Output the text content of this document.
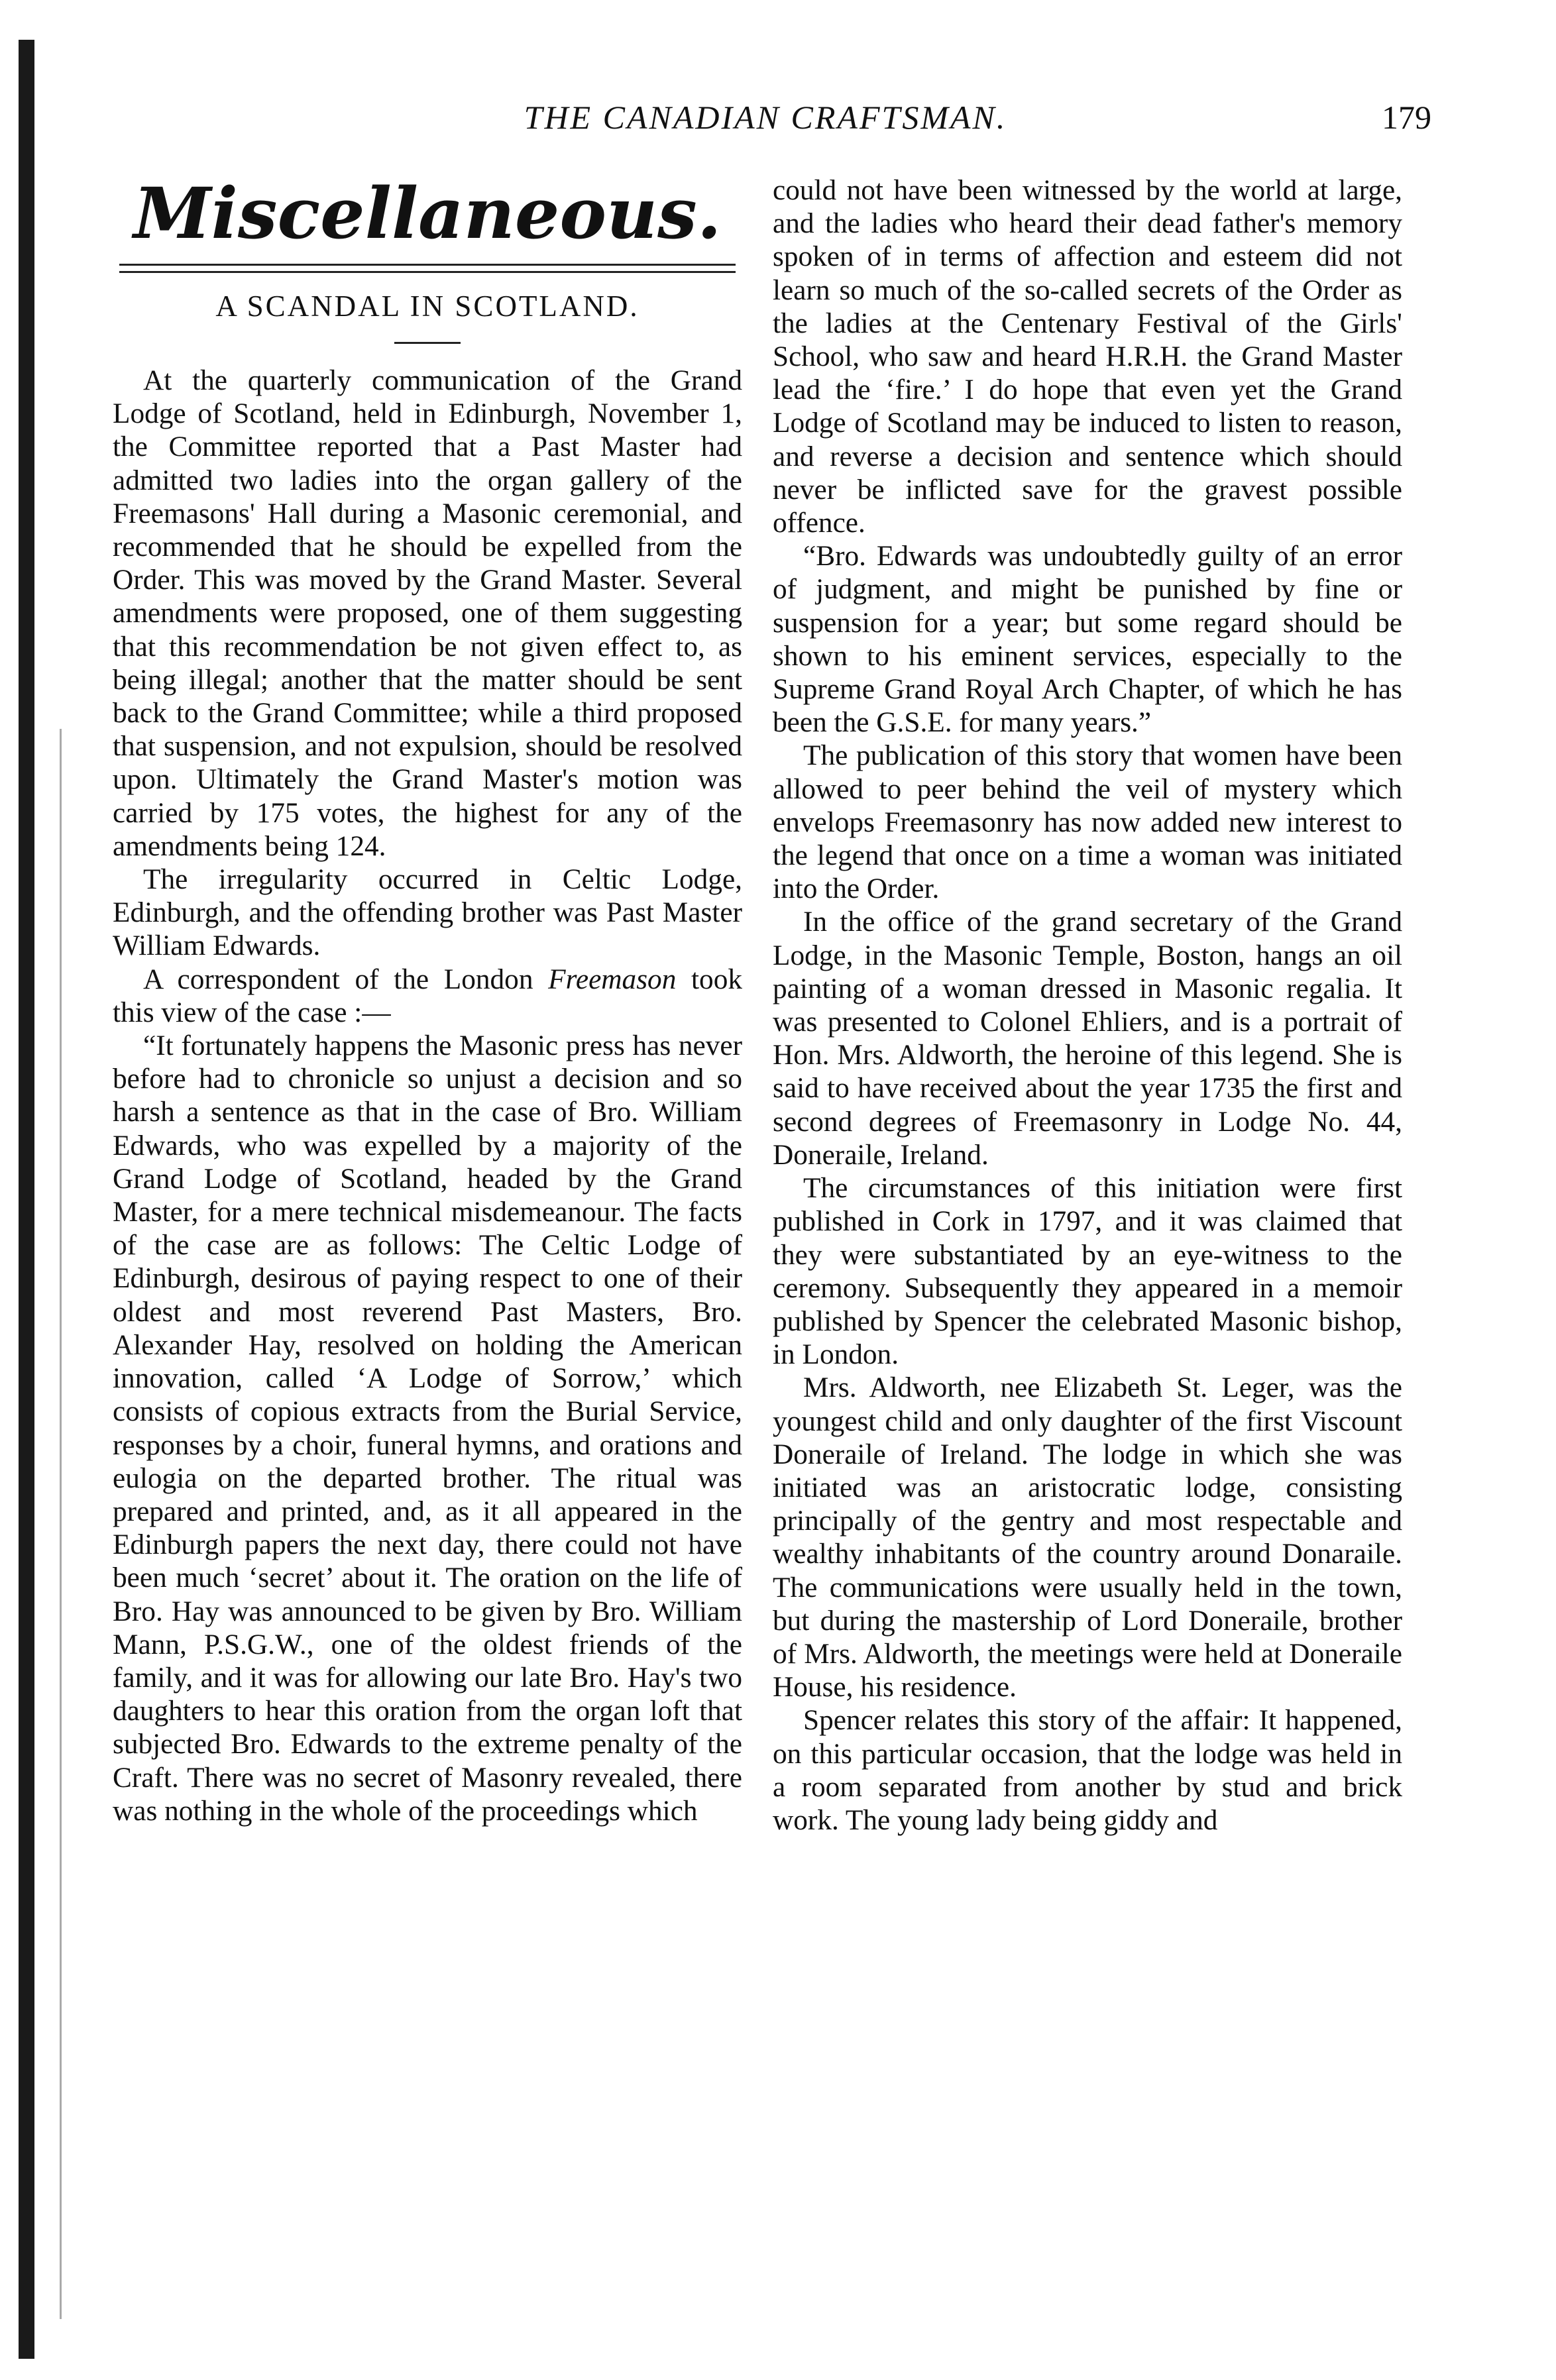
THE CANADIAN CRAFTSMAN.	179
Miscellaneous.
A SCANDAL IN SCOTLAND.

At the quarterly communication of the Grand Lodge of Scotland, held in Edinburgh, November 1, the Committee reported that a Past Master had admitted two ladies into the organ gallery of the Freemasons' Hall during a Masonic ceremonial, and recommended that he should be expelled from the Order. This was moved by the Grand Master. Several amendments were proposed, one of them suggesting that this recommendation be not given effect to, as being illegal; another that the matter should be sent back to the Grand Committee; while a third proposed that suspension, and not expulsion, should be resolved upon. Ultimately the Grand Master's motion was carried by 175 votes, the highest for any of the amendments being 124.

The irregularity occurred in Celtic Lodge, Edinburgh, and the offending brother was Past Master William Edwards.

A correspondent of the London Freemason took this view of the case :—

“It fortunately happens the Masonic press has never before had to chronicle so unjust a decision and so harsh a sentence as that in the case of Bro. William Edwards, who was expelled by a majority of the Grand Lodge of Scotland, headed by the Grand Master, for a mere technical misdemeanour. The facts of the case are as follows: The Celtic Lodge of Edinburgh, desirous of paying respect to one of their oldest and most reverend Past Masters, Bro. Alexander Hay, resolved on holding the American innovation, called ‘A Lodge of Sorrow,’ which consists of copious extracts from the Burial Service, responses by a choir, funeral hymns, and orations and eulogia on the departed brother. The ritual was prepared and printed, and, as it all appeared in the Edinburgh papers the next day, there could not have been much ‘secret’ about it. The oration on the life of Bro. Hay was announced to be given by Bro. William Mann, P.S.G.W., one of the oldest friends of the family, and it was for allowing our late Bro. Hay's two daughters to hear this oration from the organ loft that subjected Bro. Edwards to the extreme penalty of the Craft. There was no secret of Masonry revealed, there was nothing in the whole of the proceedings which

could not have been witnessed by the world at large, and the ladies who heard their dead father's memory spoken of in terms of affection and esteem did not learn so much of the so-called secrets of the Order as the ladies at the Centenary Festival of the Girls' School, who saw and heard H.R.H. the Grand Master lead the ‘fire.’ I do hope that even yet the Grand Lodge of Scotland may be induced to listen to reason, and reverse a decision and sentence which should never be inflicted save for the gravest possible offence.

“Bro. Edwards was undoubtedly guilty of an error of judgment, and might be punished by fine or suspension for a year; but some regard should be shown to his eminent services, especially to the Supreme Grand Royal Arch Chapter, of which he has been the G.S.E. for many years.”

The publication of this story that women have been allowed to peer behind the veil of mystery which envelops Freemasonry has now added new interest to the legend that once on a time a woman was initiated into the Order.

In the office of the grand secretary of the Grand Lodge, in the Masonic Temple, Boston, hangs an oil painting of a woman dressed in Masonic regalia. It was presented to Colonel Ehliers, and is a portrait of Hon. Mrs. Aldworth, the heroine of this legend. She is said to have received about the year 1735 the first and second degrees of Freemasonry in Lodge No. 44, Doneraile, Ireland.

The circumstances of this initiation were first published in Cork in 1797, and it was claimed that they were substantiated by an eye-witness to the ceremony. Subsequently they appeared in a memoir published by Spencer the celebrated Masonic bishop, in London.

Mrs. Aldworth, nee Elizabeth St. Leger, was the youngest child and only daughter of the first Viscount Doneraile of Ireland. The lodge in which she was initiated was an aristocratic lodge, consisting principally of the gentry and most respectable and wealthy inhabitants of the country around Donaraile. The communications were usually held in the town, but during the mastership of Lord Doneraile, brother of Mrs. Aldworth, the meetings were held at Doneraile House, his residence.

Spencer relates this story of the affair: It happened, on this particular occasion, that the lodge was held in a room separated from another by stud and brick work. The young lady being giddy and
